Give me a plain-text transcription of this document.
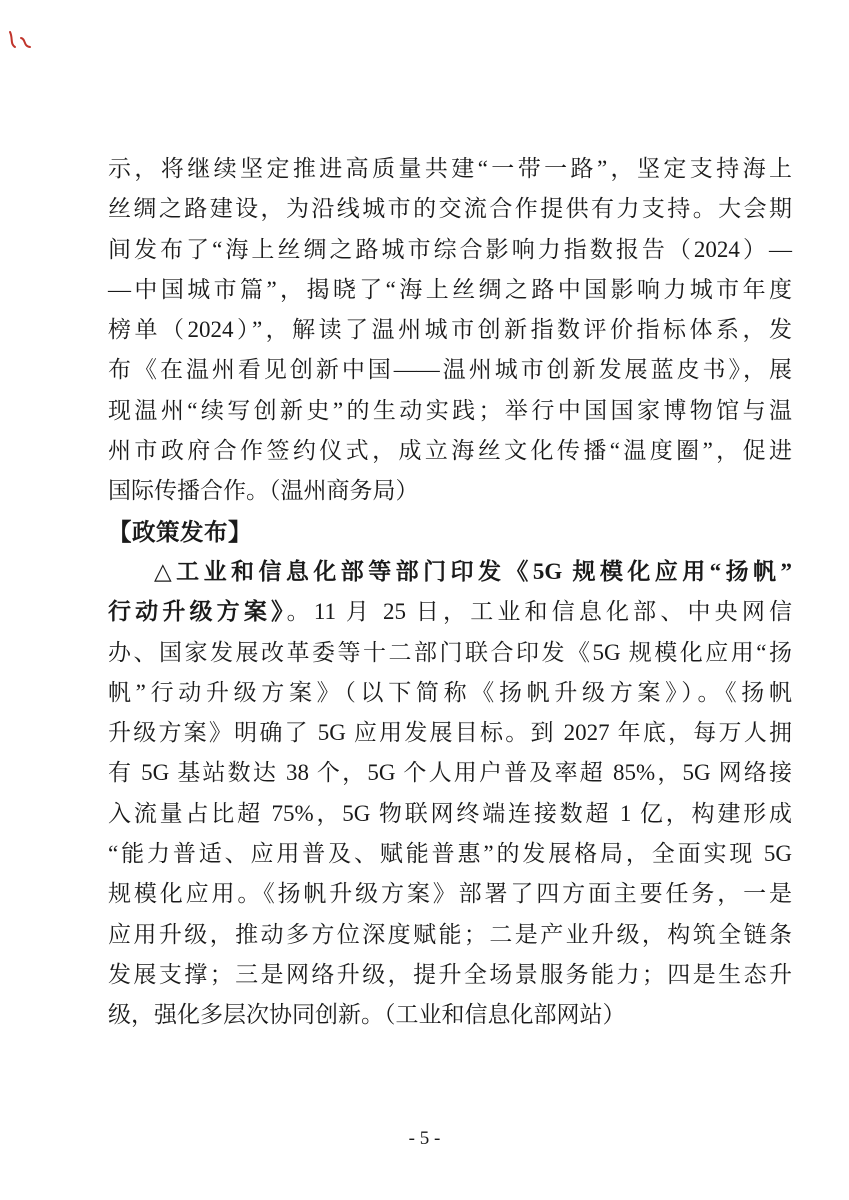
示，将继续坚定推进高质量共建“一带一路”，坚定支持海上
丝绸之路建设，为沿线城市的交流合作提供有力支持。大会期
间发布了“海上丝绸之路城市综合影响力指数报告（2024）—
—中国城市篇”，揭晓了“海上丝绸之路中国影响力城市年度
榜单（2024）”，解读了温州城市创新指数评价指标体系，发
布《在温州看见创新中国——温州城市创新发展蓝皮书》，展
现温州“续写创新史”的生动实践；举行中国国家博物馆与温
州市政府合作签约仪式，成立海丝文化传播“温度圈”，促进
国际传播合作。（温州商务局）
【政策发布】
△工业和信息化部等部门印发《5G 规模化应用“扬帆”
行动升级方案》。11 月 25 日，工业和信息化部、中央网信
办、国家发展改革委等十二部门联合印发《5G 规模化应用“扬
帆”行动升级方案》（以下简称《扬帆升级方案》）。《扬帆
升级方案》明确了 5G 应用发展目标。到 2027 年底，每万人拥
有 5G 基站数达 38 个，5G 个人用户普及率超 85%，5G 网络接
入流量占比超 75%，5G 物联网终端连接数超 1 亿，构建形成
“能力普适、应用普及、赋能普惠”的发展格局，全面实现 5G
规模化应用。《扬帆升级方案》部署了四方面主要任务，一是
应用升级，推动多方位深度赋能；二是产业升级，构筑全链条
发展支撑；三是网络升级，提升全场景服务能力；四是生态升
级，强化多层次协同创新。（工业和信息化部网站）
- 5 -
